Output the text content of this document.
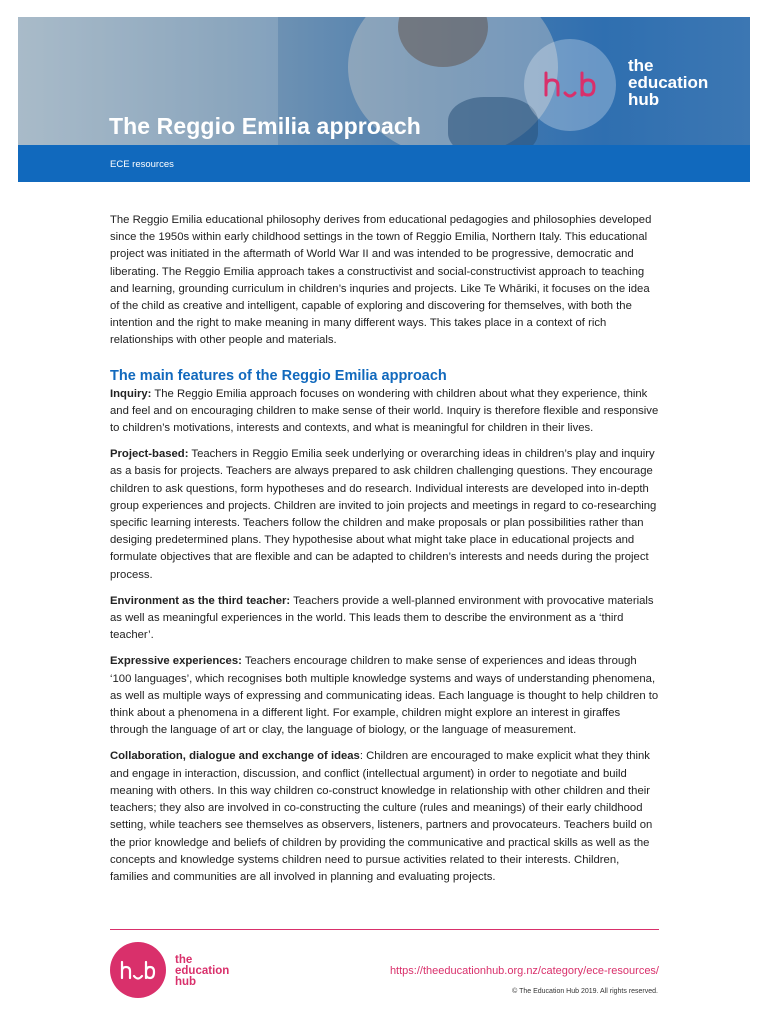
The Reggio Emilia approach
the
education
hub
ECE resources

The Reggio Emilia educational philosophy derives from educational pedagogies and philosophies developed since the 1950s within early childhood settings in the town of Reggio Emilia, Northern Italy. This educational project was initiated in the aftermath of World War II and was intended to be progressive, democratic and liberating. The Reggio Emilia approach takes a constructivist and social-constructivist approach to teaching and learning, grounding curriculum in children’s inquries and projects. Like Te Whāriki, it focuses on the idea of the child as creative and intelligent, capable of exploring and discovering for themselves, with both the intention and the right to make meaning in many different ways. This takes place in a context of rich relationships with other people and materials.

The main features of the Reggio Emilia approach

Inquiry: The Reggio Emilia approach focuses on wondering with children about what they experience, think and feel and on encouraging children to make sense of their world. Inquiry is therefore flexible and responsive to children’s motivations, interests and contexts, and what is meaningful for children in their lives.

Project-based: Teachers in Reggio Emilia seek underlying or overarching ideas in children’s play and inquiry as a basis for projects. Teachers are always prepared to ask children challenging questions. They encourage children to ask questions, form hypotheses and do research. Individual interests are developed into in-depth group experiences and projects. Children are invited to join projects and meetings in regard to co-researching specific learning interests. Teachers follow the children and make proposals or plan possibilities rather than desiging predetermined plans. They hypothesise about what might take place in educational projects and formulate objectives that are flexible and can be adapted to children’s interests and needs during the project process.

Environment as the third teacher: Teachers provide a well-planned environment with provocative materials as well as meaningful experiences in the world. This leads them to describe the environment as a ‘third teacher’.

Expressive experiences: Teachers encourage children to make sense of experiences and ideas through ‘100 languages’, which recognises both multiple knowledge systems and ways of understanding phenomena, as well as multiple ways of expressing and communicating ideas. Each language is thought to help children to think about a phenomena in a different light. For example, children might explore an interest in giraffes through the language of art or clay, the language of biology, or the language of measurement.

Collaboration, dialogue and exchange of ideas: Children are encouraged to make explicit what they think and engage in interaction, discussion, and conflict (intellectual argument) in order to negotiate and build meaning with others. In this way children co-construct knowledge in relationship with other children and their teachers; they also are involved in co-constructing the culture (rules and meanings) of their early childhood setting, while teachers see themselves as observers, listeners, partners and provocateurs. Teachers build on the prior knowledge and beliefs of children by providing the communicative and practical skills as well as the concepts and knowledge systems children need to pursue activities related to their interests. Children, families and communities are all involved in planning and evaluating projects.

the
education
hub
https://theeducationhub.org.nz/category/ece-resources/
© The Education Hub 2019. All rights reserved.
